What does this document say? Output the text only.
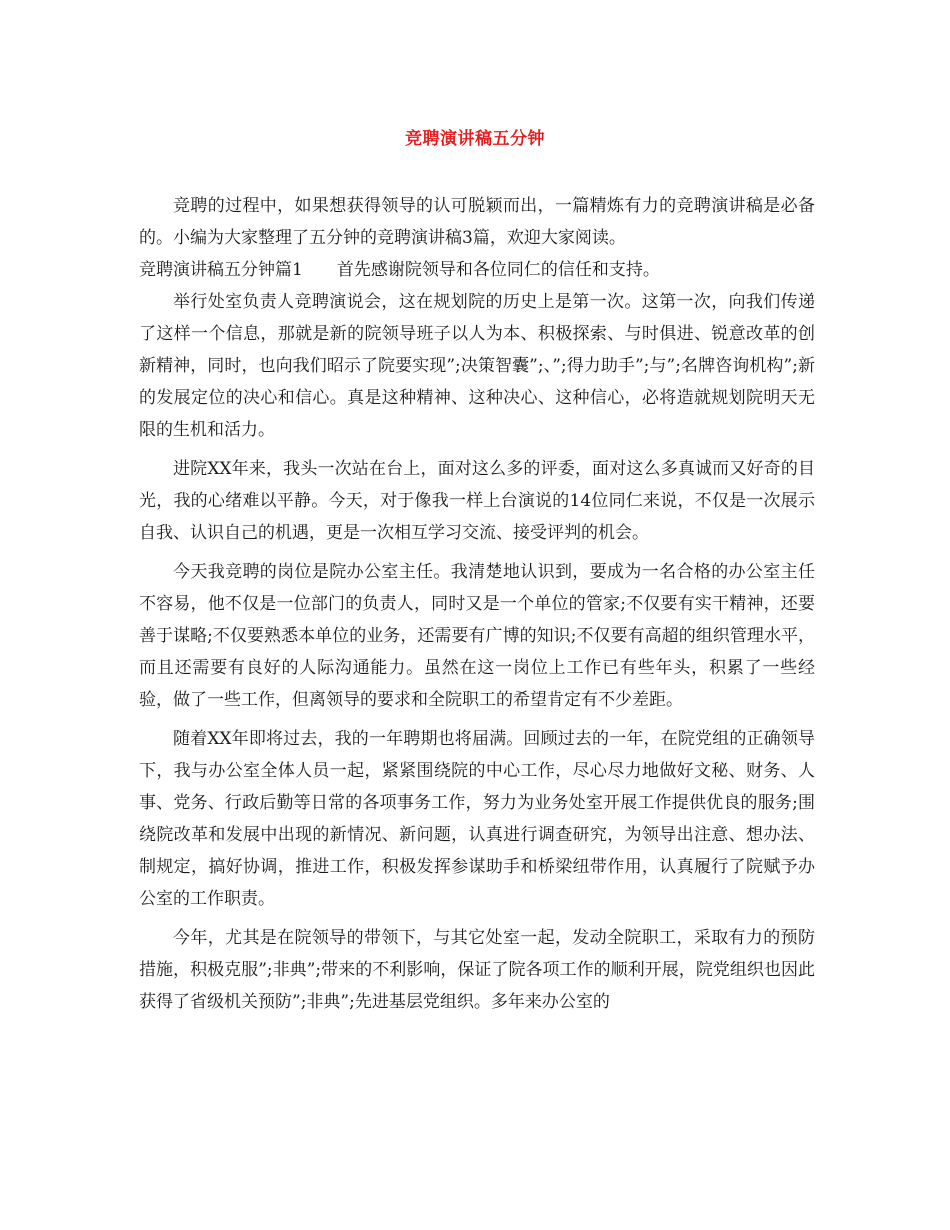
竞聘演讲稿五分钟

竞聘的过程中，如果想获得领导的认可脱颖而出，一篇精炼有力的竞聘演讲稿是必备的。小编为大家整理了五分钟的竞聘演讲稿3篇，欢迎大家阅读。

竞聘演讲稿五分钟篇1 首先感谢院领导和各位同仁的信任和支持。

举行处室负责人竞聘演说会，这在规划院的历史上是第一次。这第一次，向我们传递了这样一个信息，那就是新的院领导班子以人为本、积极探索、与时俱进、锐意改革的创新精神，同时，也向我们昭示了院要实现”;决策智囊”;、”;得力助手”;与”;名牌咨询机构”;新的发展定位的决心和信心。真是这种精神、这种决心、这种信心，必将造就规划院明天无限的生机和活力。

进院XX年来，我头一次站在台上，面对这么多的评委，面对这么多真诚而又好奇的目光，我的心绪难以平静。今天，对于像我一样上台演说的14位同仁来说，不仅是一次展示自我、认识自己的机遇，更是一次相互学习交流、接受评判的机会。

今天我竞聘的岗位是院办公室主任。我清楚地认识到，要成为一名合格的办公室主任不容易，他不仅是一位部门的负责人，同时又是一个单位的管家;不仅要有实干精神，还要善于谋略;不仅要熟悉本单位的业务，还需要有广博的知识;不仅要有高超的组织管理水平，而且还需要有良好的人际沟通能力。虽然在这一岗位上工作已有些年头，积累了一些经验，做了一些工作，但离领导的要求和全院职工的希望肯定有不少差距。

随着XX年即将过去，我的一年聘期也将届满。回顾过去的一年，在院党组的正确领导下，我与办公室全体人员一起，紧紧围绕院的中心工作，尽心尽力地做好文秘、财务、人事、党务、行政后勤等日常的各项事务工作，努力为业务处室开展工作提供优良的服务;围绕院改革和发展中出现的新情况、新问题，认真进行调查研究，为领导出注意、想办法、制规定，搞好协调，推进工作，积极发挥参谋助手和桥梁纽带作用，认真履行了院赋予办公室的工作职责。

今年，尤其是在院领导的带领下，与其它处室一起，发动全院职工，采取有力的预防措施，积极克服”;非典”;带来的不利影响，保证了院各项工作的顺利开展，院党组织也因此获得了省级机关预防”;非典”;先进基层党组织。多年来办公室的
